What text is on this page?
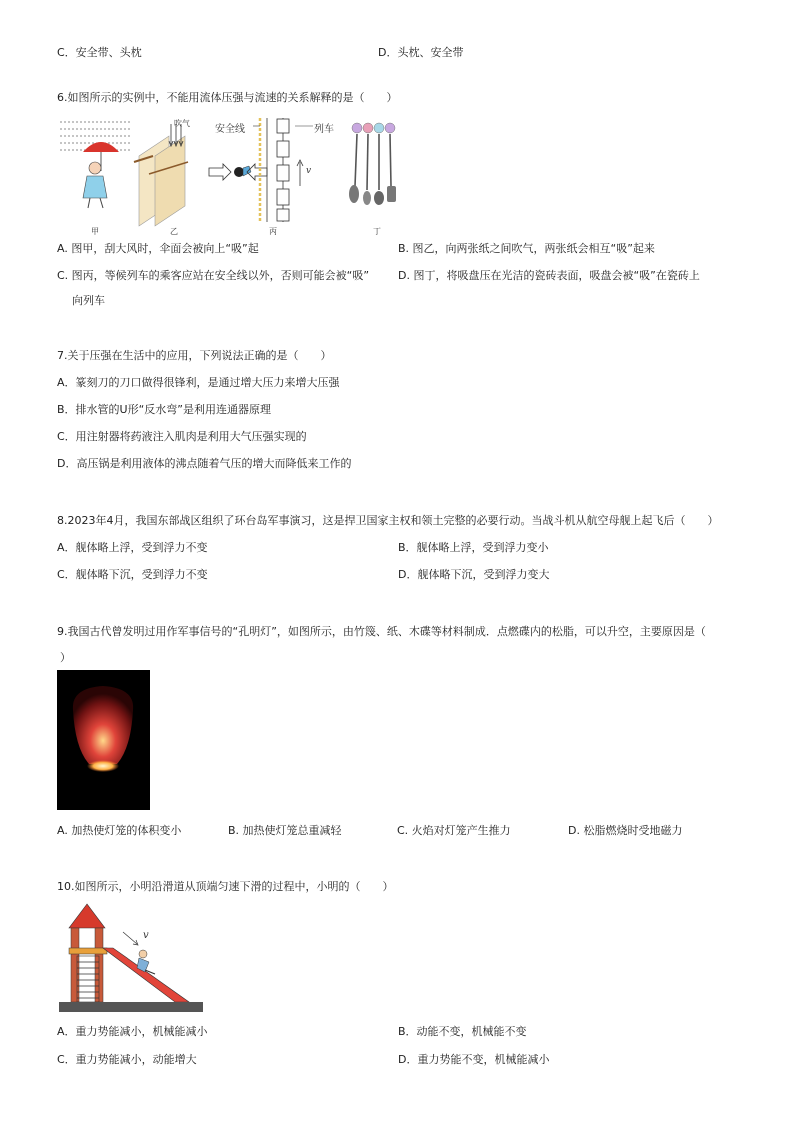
C．安全带、头枕	D．头枕、安全带
6.如图所示的实例中，不能用流体压强与流速的关系解释的是（　　）
吹气
安全线	列车
v
甲	乙	丙	丁
A. 图甲，刮大风时，伞面会被向上“吸”起	B. 图乙，向两张纸之间吹气，两张纸会相互“吸”起来
C. 图丙，等候列车的乘客应站在安全线以外，否则可能会被“吸”	D. 图丁，将吸盘压在光洁的瓷砖表面，吸盘会被“吸”在瓷砖上
向列车
7.关于压强在生活中的应用，下列说法正确的是（　　）
A．篆刻刀的刀口做得很锋利，是通过增大压力来增大压强
B．排水管的U形“反水弯”是利用连通器原理
C．用注射器将药液注入肌肉是利用大气压强实现的
D．高压锅是利用液体的沸点随着气压的增大而降低来工作的
8.2023年4月，我国东部战区组织了环台岛军事演习，这是捍卫国家主权和领土完整的必要行动。当战斗机从航空母舰上起飞后（　　）
A．舰体略上浮，受到浮力不变	B．舰体略上浮，受到浮力变小
C．舰体略下沉，受到浮力不变	D．舰体略下沉，受到浮力变大
9.我国古代曾发明过用作军事信号的“孔明灯”，如图所示，由竹篾、纸、木碟等材料制成．点燃碟内的松脂，可以升空，主要原因是（
）
A. 加热使灯笼的体积变小	B. 加热使灯笼总重减轻	C. 火焰对灯笼产生推力	D. 松脂燃烧时受地磁力
10.如图所示，小明沿滑道从顶端匀速下滑的过程中，小明的（　　）
v
A．重力势能减小，机械能减小	B．动能不变，机械能不变
C．重力势能减小，动能增大	D．重力势能不变，机械能减小
